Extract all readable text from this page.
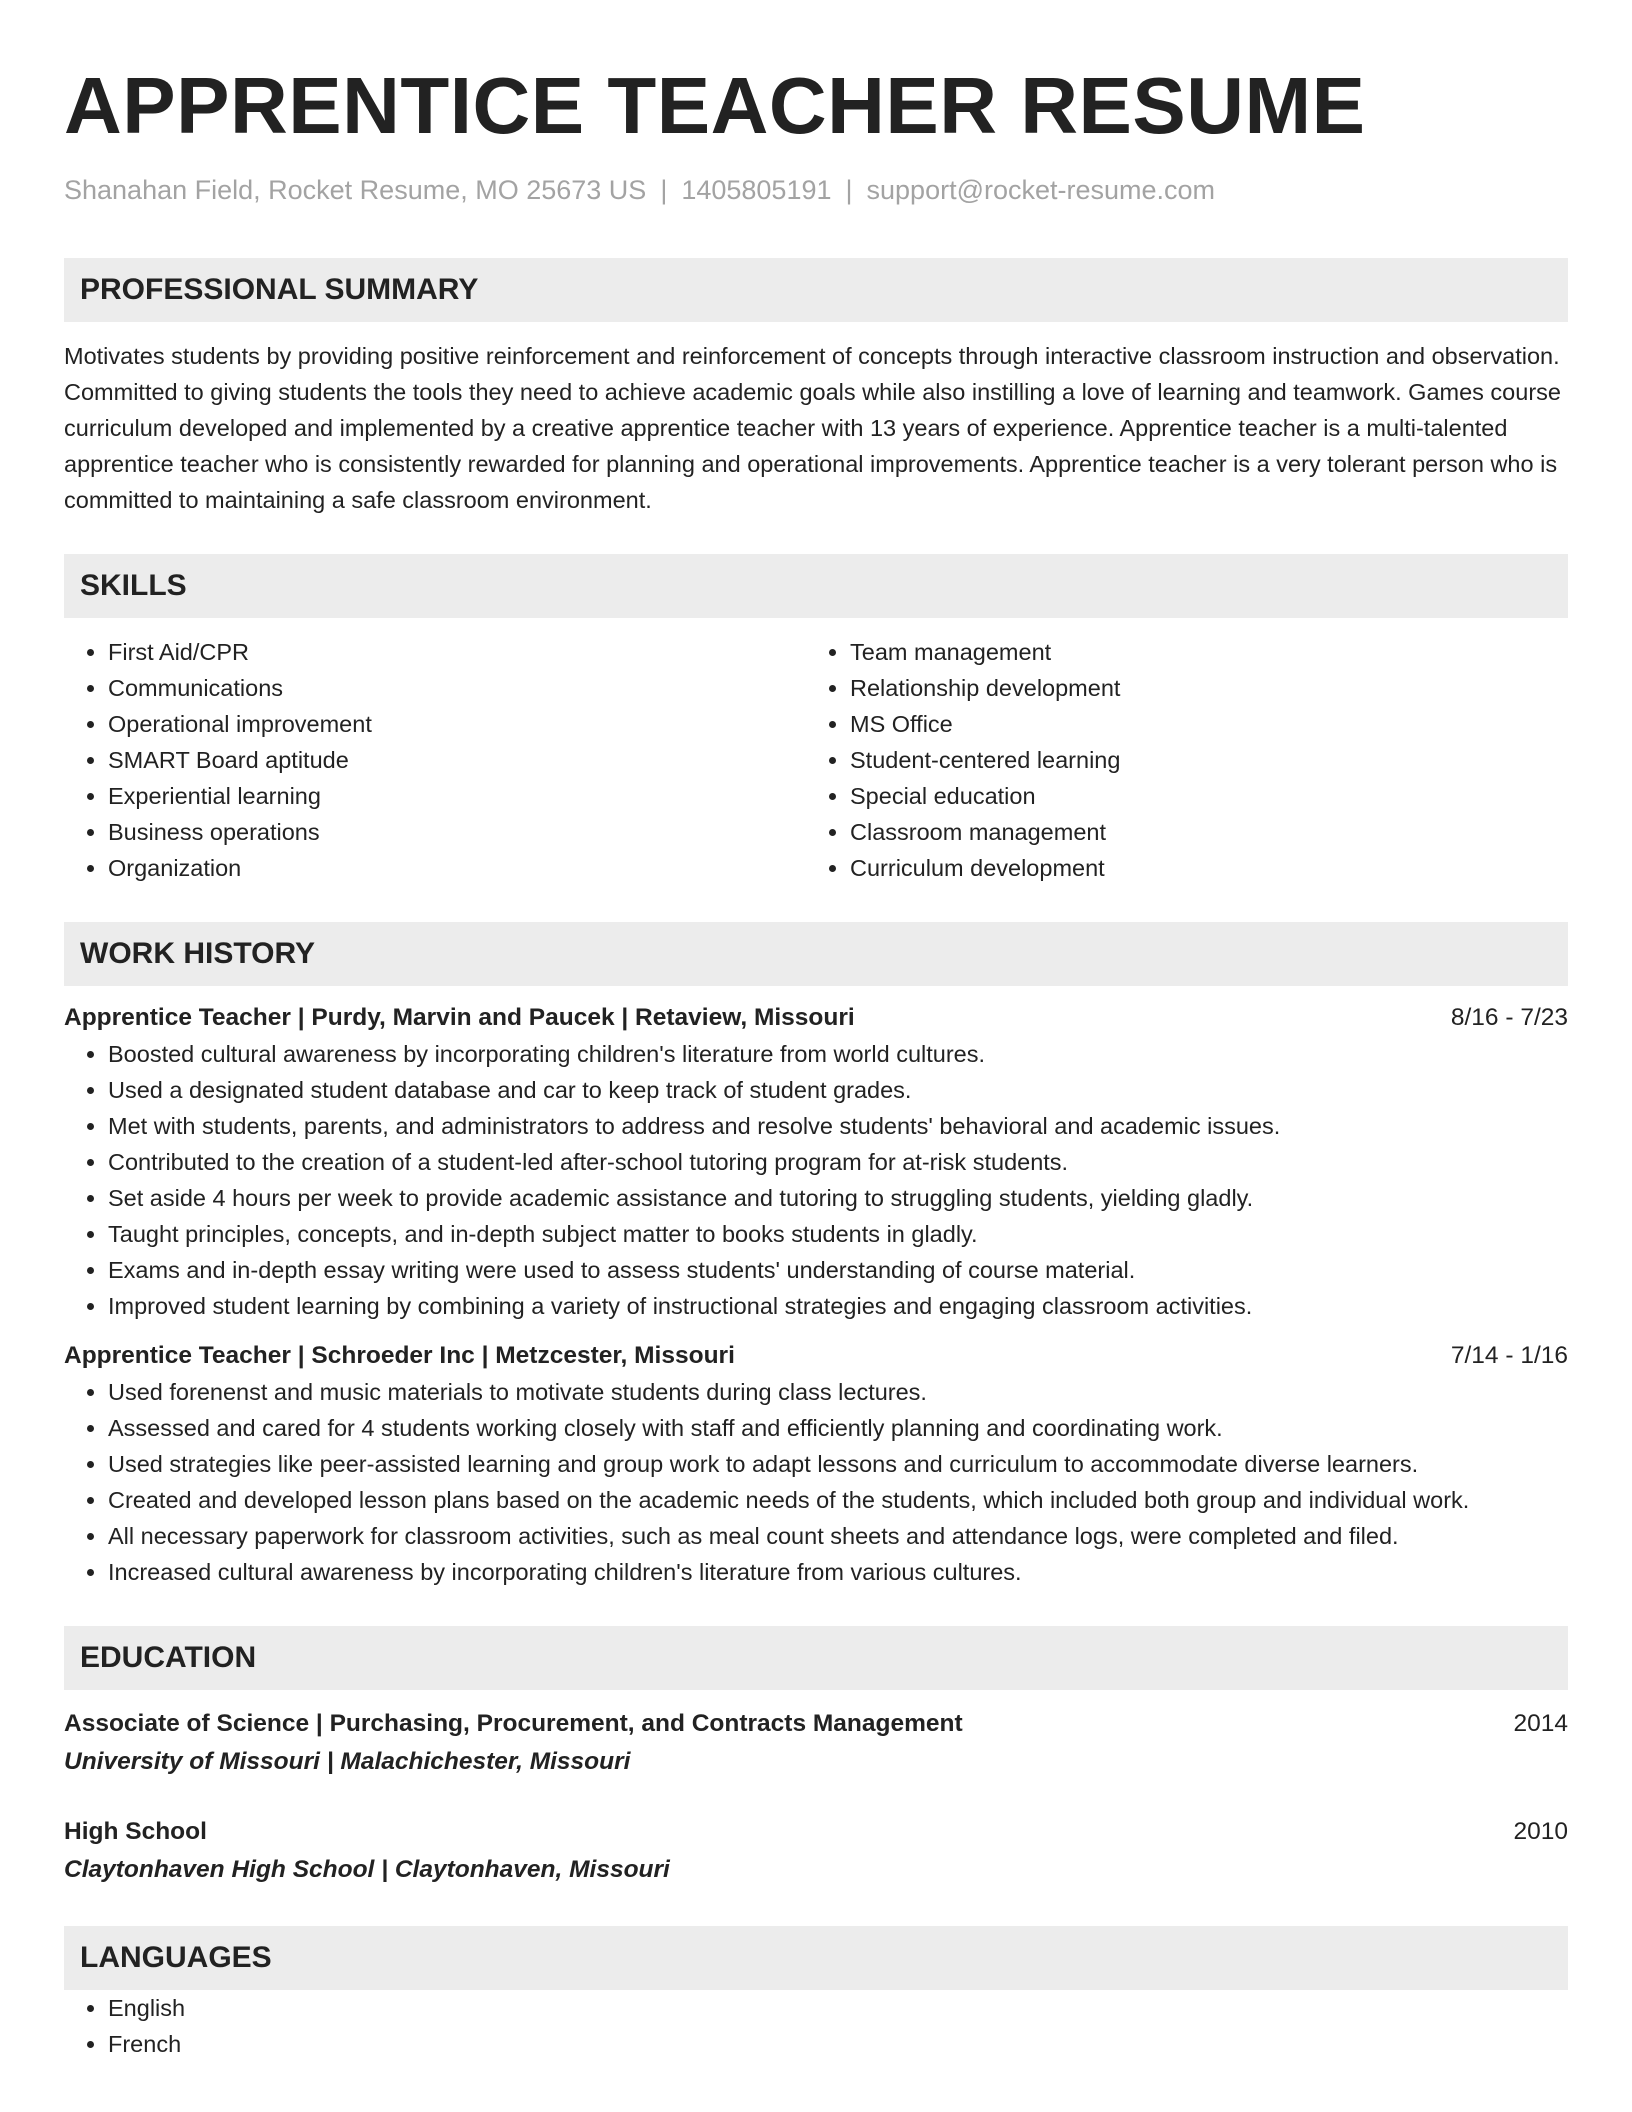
APPRENTICE TEACHER RESUME
Shanahan Field, Rocket Resume, MO 25673 US | 1405805191 | support@rocket-resume.com
PROFESSIONAL SUMMARY
Motivates students by providing positive reinforcement and reinforcement of concepts through interactive classroom instruction and observation. Committed to giving students the tools they need to achieve academic goals while also instilling a love of learning and teamwork. Games course curriculum developed and implemented by a creative apprentice teacher with 13 years of experience. Apprentice teacher is a multi-talented apprentice teacher who is consistently rewarded for planning and operational improvements. Apprentice teacher is a very tolerant person who is committed to maintaining a safe classroom environment.
SKILLS
• First Aid/CPR
• Communications
• Operational improvement
• SMART Board aptitude
• Experiential learning
• Business operations
• Organization
• Team management
• Relationship development
• MS Office
• Student-centered learning
• Special education
• Classroom management
• Curriculum development
WORK HISTORY
Apprentice Teacher | Purdy, Marvin and Paucek | Retaview, Missouri	8/16 - 7/23
• Boosted cultural awareness by incorporating children's literature from world cultures.
• Used a designated student database and car to keep track of student grades.
• Met with students, parents, and administrators to address and resolve students' behavioral and academic issues.
• Contributed to the creation of a student-led after-school tutoring program for at-risk students.
• Set aside 4 hours per week to provide academic assistance and tutoring to struggling students, yielding gladly.
• Taught principles, concepts, and in-depth subject matter to books students in gladly.
• Exams and in-depth essay writing were used to assess students' understanding of course material.
• Improved student learning by combining a variety of instructional strategies and engaging classroom activities.
Apprentice Teacher | Schroeder Inc | Metzcester, Missouri	7/14 - 1/16
• Used forenenst and music materials to motivate students during class lectures.
• Assessed and cared for 4 students working closely with staff and efficiently planning and coordinating work.
• Used strategies like peer-assisted learning and group work to adapt lessons and curriculum to accommodate diverse learners.
• Created and developed lesson plans based on the academic needs of the students, which included both group and individual work.
• All necessary paperwork for classroom activities, such as meal count sheets and attendance logs, were completed and filed.
• Increased cultural awareness by incorporating children's literature from various cultures.
EDUCATION
Associate of Science | Purchasing, Procurement, and Contracts Management	2014
University of Missouri | Malachichester, Missouri
High School	2010
Claytonhaven High School | Claytonhaven, Missouri
LANGUAGES
• English
• French
